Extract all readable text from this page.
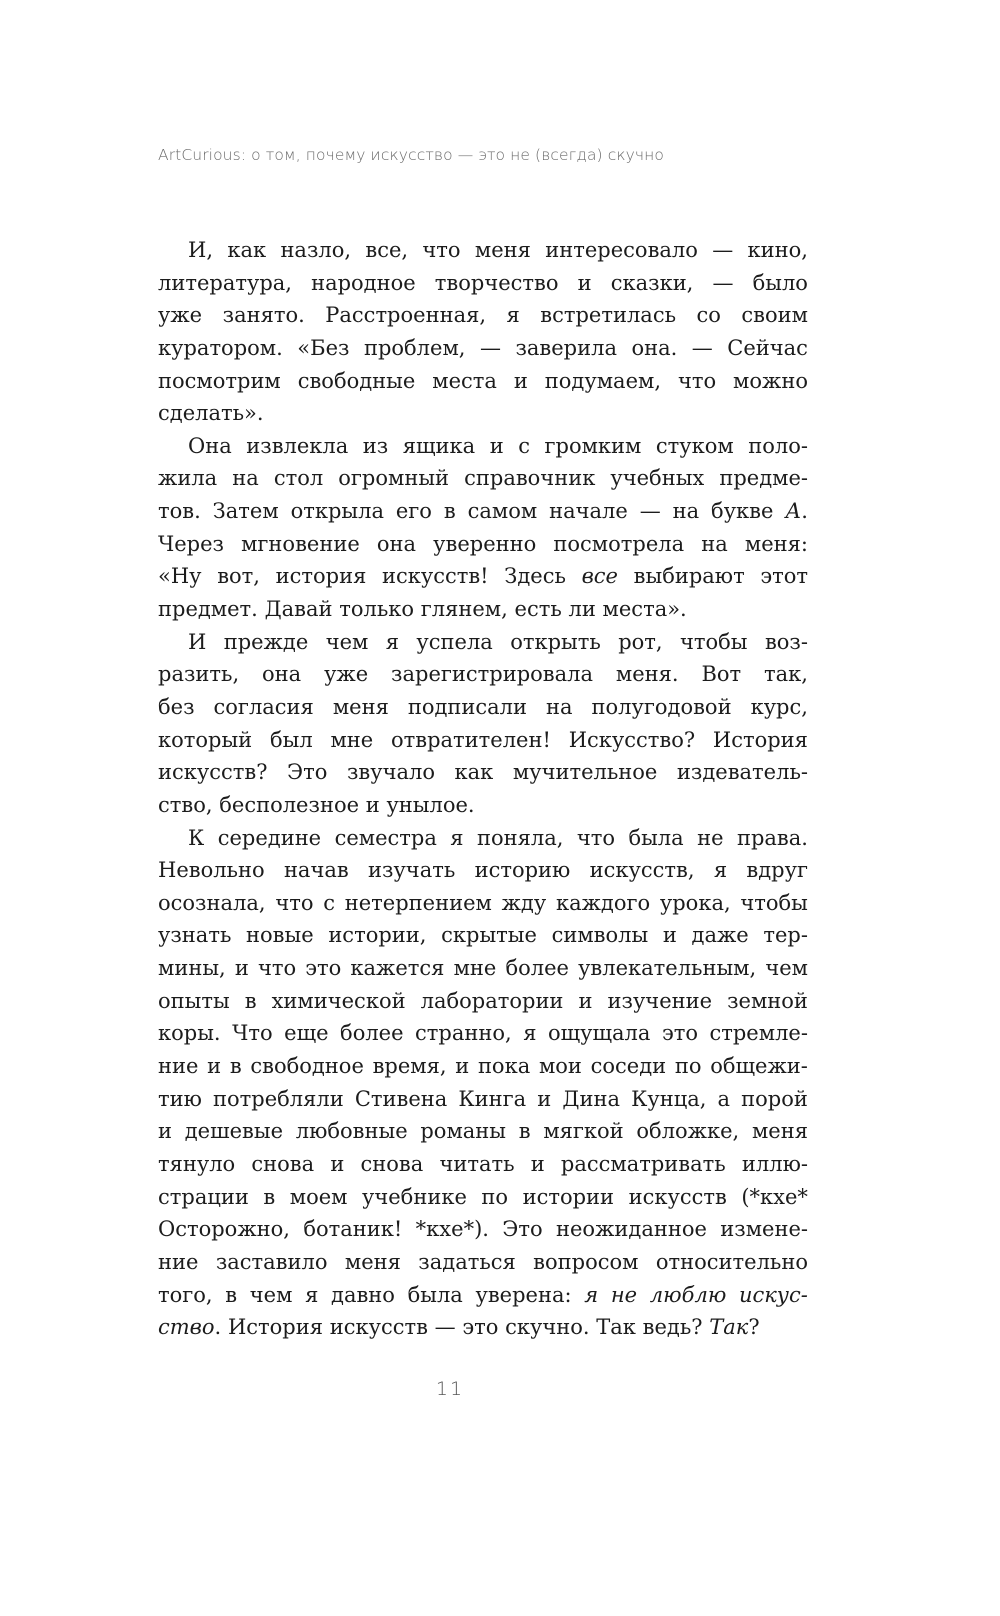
ArtCurious: о том, почему искусство — это не (всегда) скучно
И, как назло, все, что меня интересовало — кино,
литература, народное творчество и сказки, — было
уже занято. Расстроенная, я встретилась со своим
куратором. «Без проблем, — заверила она. — Сейчас
посмотрим свободные места и подумаем, что можно
сделать».
Она извлекла из ящика и с громким стуком поло-
жила на стол огромный справочник учебных предме-
тов. Затем открыла его в самом начале — на букве А.
Через мгновение она уверенно посмотрела на меня:
«Ну вот, история искусств! Здесь все выбирают этот
предмет. Давай только глянем, есть ли места».
И прежде чем я успела открыть рот, чтобы воз-
разить, она уже зарегистрировала меня. Вот так,
без согласия меня подписали на полугодовой курс,
который был мне отвратителен! Искусство? История
искусств? Это звучало как мучительное издеватель-
ство, бесполезное и унылое.
К середине семестра я поняла, что была не права.
Невольно начав изучать историю искусств, я вдруг
осознала, что с нетерпением жду каждого урока, чтобы
узнать новые истории, скрытые символы и даже тер-
мины, и что это кажется мне более увлекательным, чем
опыты в химической лаборатории и изучение земной
коры. Что еще более странно, я ощущала это стремле-
ние и в свободное время, и пока мои соседи по общежи-
тию потребляли Стивена Кинга и Дина Кунца, а порой
и дешевые любовные романы в мягкой обложке, меня
тянуло снова и снова читать и рассматривать иллю-
страции в моем учебнике по истории искусств (*кхе*
Осторожно, ботаник! *кхе*). Это неожиданное измене-
ние заставило меня задаться вопросом относительно
того, в чем я давно была уверена: я не люблю искус-
ство. История искусств — это скучно. Так ведь? Так?
11
